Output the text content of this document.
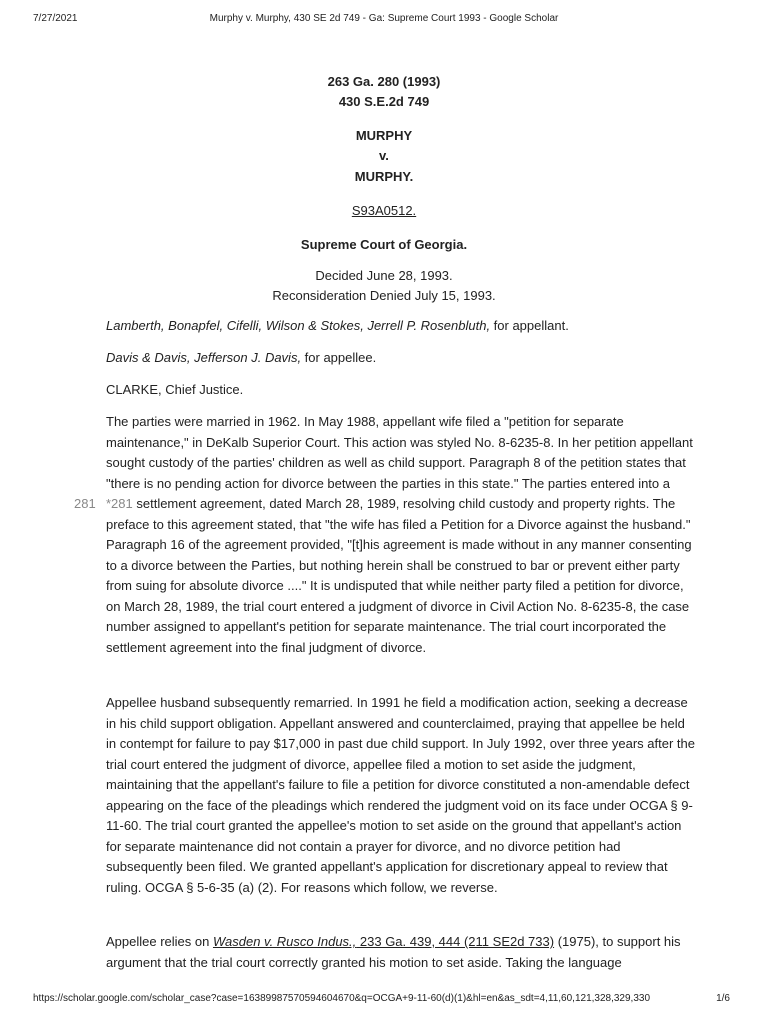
7/27/2021	Murphy v. Murphy, 430 SE 2d 749 - Ga: Supreme Court 1993 - Google Scholar
263 Ga. 280 (1993)
430 S.E.2d 749
MURPHY
v.
MURPHY.
S93A0512.
Supreme Court of Georgia.
Decided June 28, 1993.
Reconsideration Denied July 15, 1993.

Lamberth, Bonapfel, Cifelli, Wilson & Stokes, Jerrell P. Rosenbluth, for appellant.

Davis & Davis, Jefferson J. Davis, for appellee.

CLARKE, Chief Justice.

281

The parties were married in 1962. In May 1988, appellant wife filed a "petition for separate maintenance," in DeKalb Superior Court. This action was styled No. 8-6235-8. In her petition appellant sought custody of the parties' children as well as child support. Paragraph 8 of the petition states that "there is no pending action for divorce between the parties in this state." The parties entered into a *281 settlement agreement, dated March 28, 1989, resolving child custody and property rights. The preface to this agreement stated, that "the wife has filed a Petition for a Divorce against the husband." Paragraph 16 of the agreement provided, "[t]his agreement is made without in any manner consenting to a divorce between the Parties, but nothing herein shall be construed to bar or prevent either party from suing for absolute divorce ...." It is undisputed that while neither party filed a petition for divorce, on March 28, 1989, the trial court entered a judgment of divorce in Civil Action No. 8-6235-8, the case number assigned to appellant's petition for separate maintenance. The trial court incorporated the settlement agreement into the final judgment of divorce.

Appellee husband subsequently remarried. In 1991 he field a modification action, seeking a decrease in his child support obligation. Appellant answered and counterclaimed, praying that appellee be held in contempt for failure to pay $17,000 in past due child support. In July 1992, over three years after the trial court entered the judgment of divorce, appellee filed a motion to set aside the judgment, maintaining that the appellant's failure to file a petition for divorce constituted a non-amendable defect appearing on the face of the pleadings which rendered the judgment void on its face under OCGA § 9-11-60. The trial court granted the appellee's motion to set aside on the ground that appellant's action for separate maintenance did not contain a prayer for divorce, and no divorce petition had subsequently been filed. We granted appellant's application for discretionary appeal to review that ruling. OCGA § 5-6-35 (a) (2). For reasons which follow, we reverse.

Appellee relies on Wasden v. Rusco Indus., 233 Ga. 439, 444 (211 SE2d 733) (1975), to support his argument that the trial court correctly granted his motion to set aside. Taking the language

https://scholar.google.com/scholar_case?case=16389987570594604670&q=OCGA+9-11-60(d)(1)&hl=en&as_sdt=4,11,60,121,328,329,330	1/6
